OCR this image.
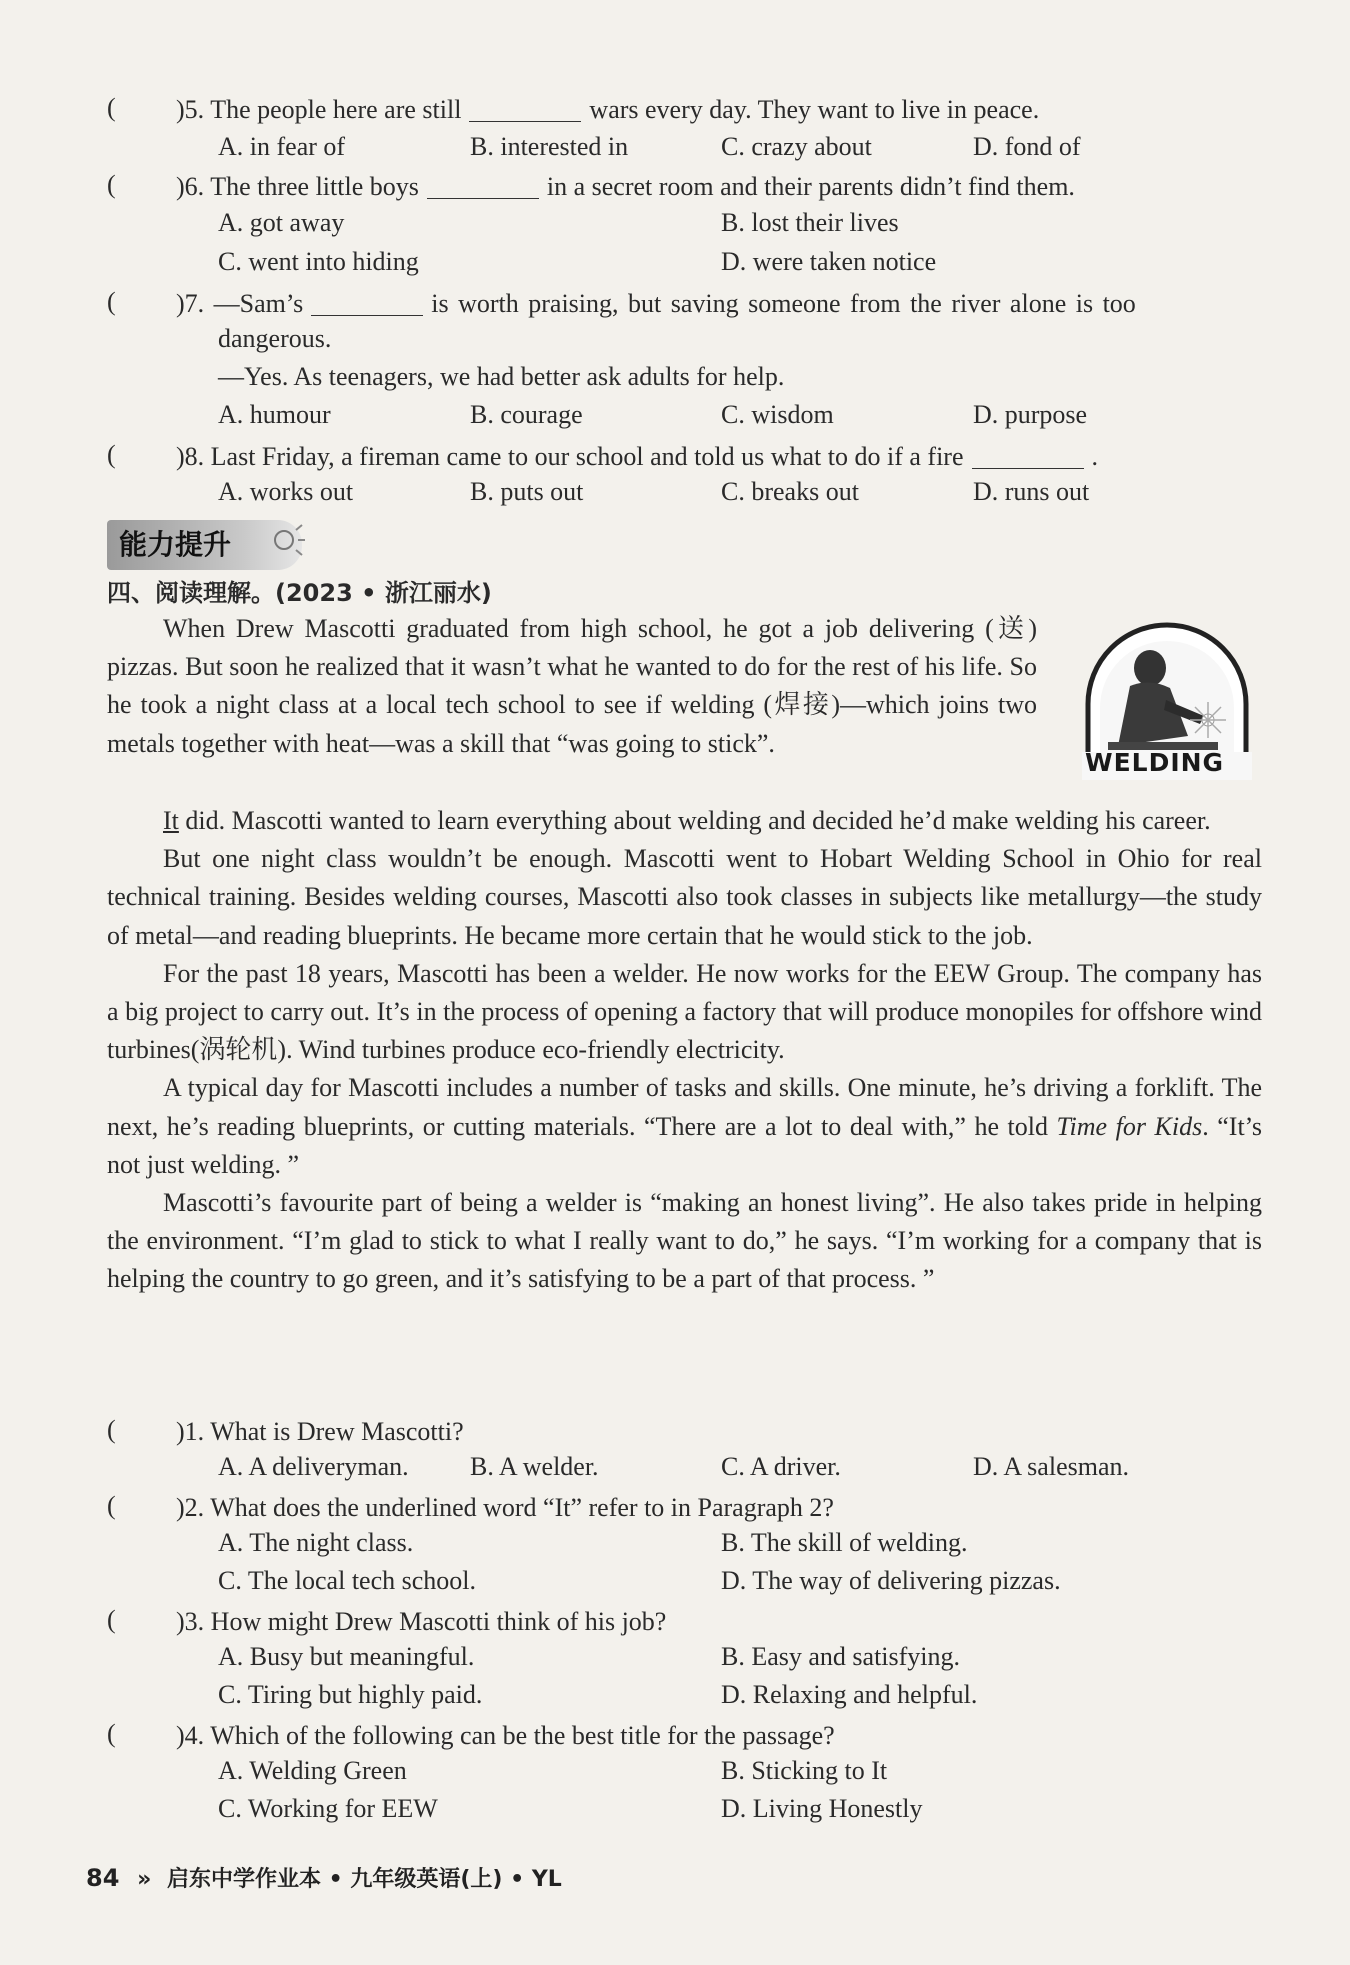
( )5. The people here are still	wars every day. They want to live in peace.
A. in fear of	B. interested in	C. crazy about	D. fond of
( )6. The three little boys	in a secret room and their parents didn’t find them.
A. got away	B. lost their lives
C. went into hiding	D. were taken notice
( )7. —Sam’s	is worth praising, but saving someone from the river alone is too
dangerous.
—Yes. As teenagers, we had better ask adults for help.
A. humour	B. courage	C. wisdom	D. purpose
( )8. Last Friday, a fireman came to our school and told us what to do if a fire	.
A. works out	B. puts out	C. breaks out	D. runs out
能力提升
四、阅读理解。(2023 • 浙江丽水)
WELDING

When Drew Mascotti graduated from high school, he got a job delivering (送) pizzas. But soon he realized that it wasn’t what he wanted to do for the rest of his life. So he took a night class at a local tech school to see if welding (焊接)—which joins two metals together with heat—was a skill that “was going to stick”.

It did. Mascotti wanted to learn everything about welding and decided he’d make welding his career.

But one night class wouldn’t be enough. Mascotti went to Hobart Welding School in Ohio for real technical training. Besides welding courses, Mascotti also took classes in subjects like metallurgy—the study of metal—and reading blueprints. He became more certain that he would stick to the job.

For the past 18 years, Mascotti has been a welder. He now works for the EEW Group. The company has a big project to carry out. It’s in the process of opening a factory that will produce monopiles for offshore wind turbines(涡轮机). Wind turbines produce eco-friendly electricity.

A typical day for Mascotti includes a number of tasks and skills. One minute, he’s driving a forklift. The next, he’s reading blueprints, or cutting materials. “There are a lot to deal with,” he told Time for Kids. “It’s not just welding. ”

Mascotti’s favourite part of being a welder is “making an honest living”. He also takes pride in helping the environment. “I’m glad to stick to what I really want to do,” he says. “I’m working for a company that is helping the country to go green, and it’s satisfying to be a part of that process. ”

( )1. What is Drew Mascotti?
A. A deliveryman. B. A welder.	C. A driver.	D. A salesman.
( )2. What does the underlined word “It” refer to in Paragraph 2?
A. The night class.	B. The skill of welding.
C. The local tech school.	D. The way of delivering pizzas.
( )3. How might Drew Mascotti think of his job?
A. Busy but meaningful.	B. Easy and satisfying.
C. Tiring but highly paid.	D. Relaxing and helpful.
( )4. Which of the following can be the best title for the passage?
A. Welding Green	B. Sticking to It
C. Working for EEW	D. Living Honestly
84 » 启东中学作业本 • 九年级英语(上) • YL
